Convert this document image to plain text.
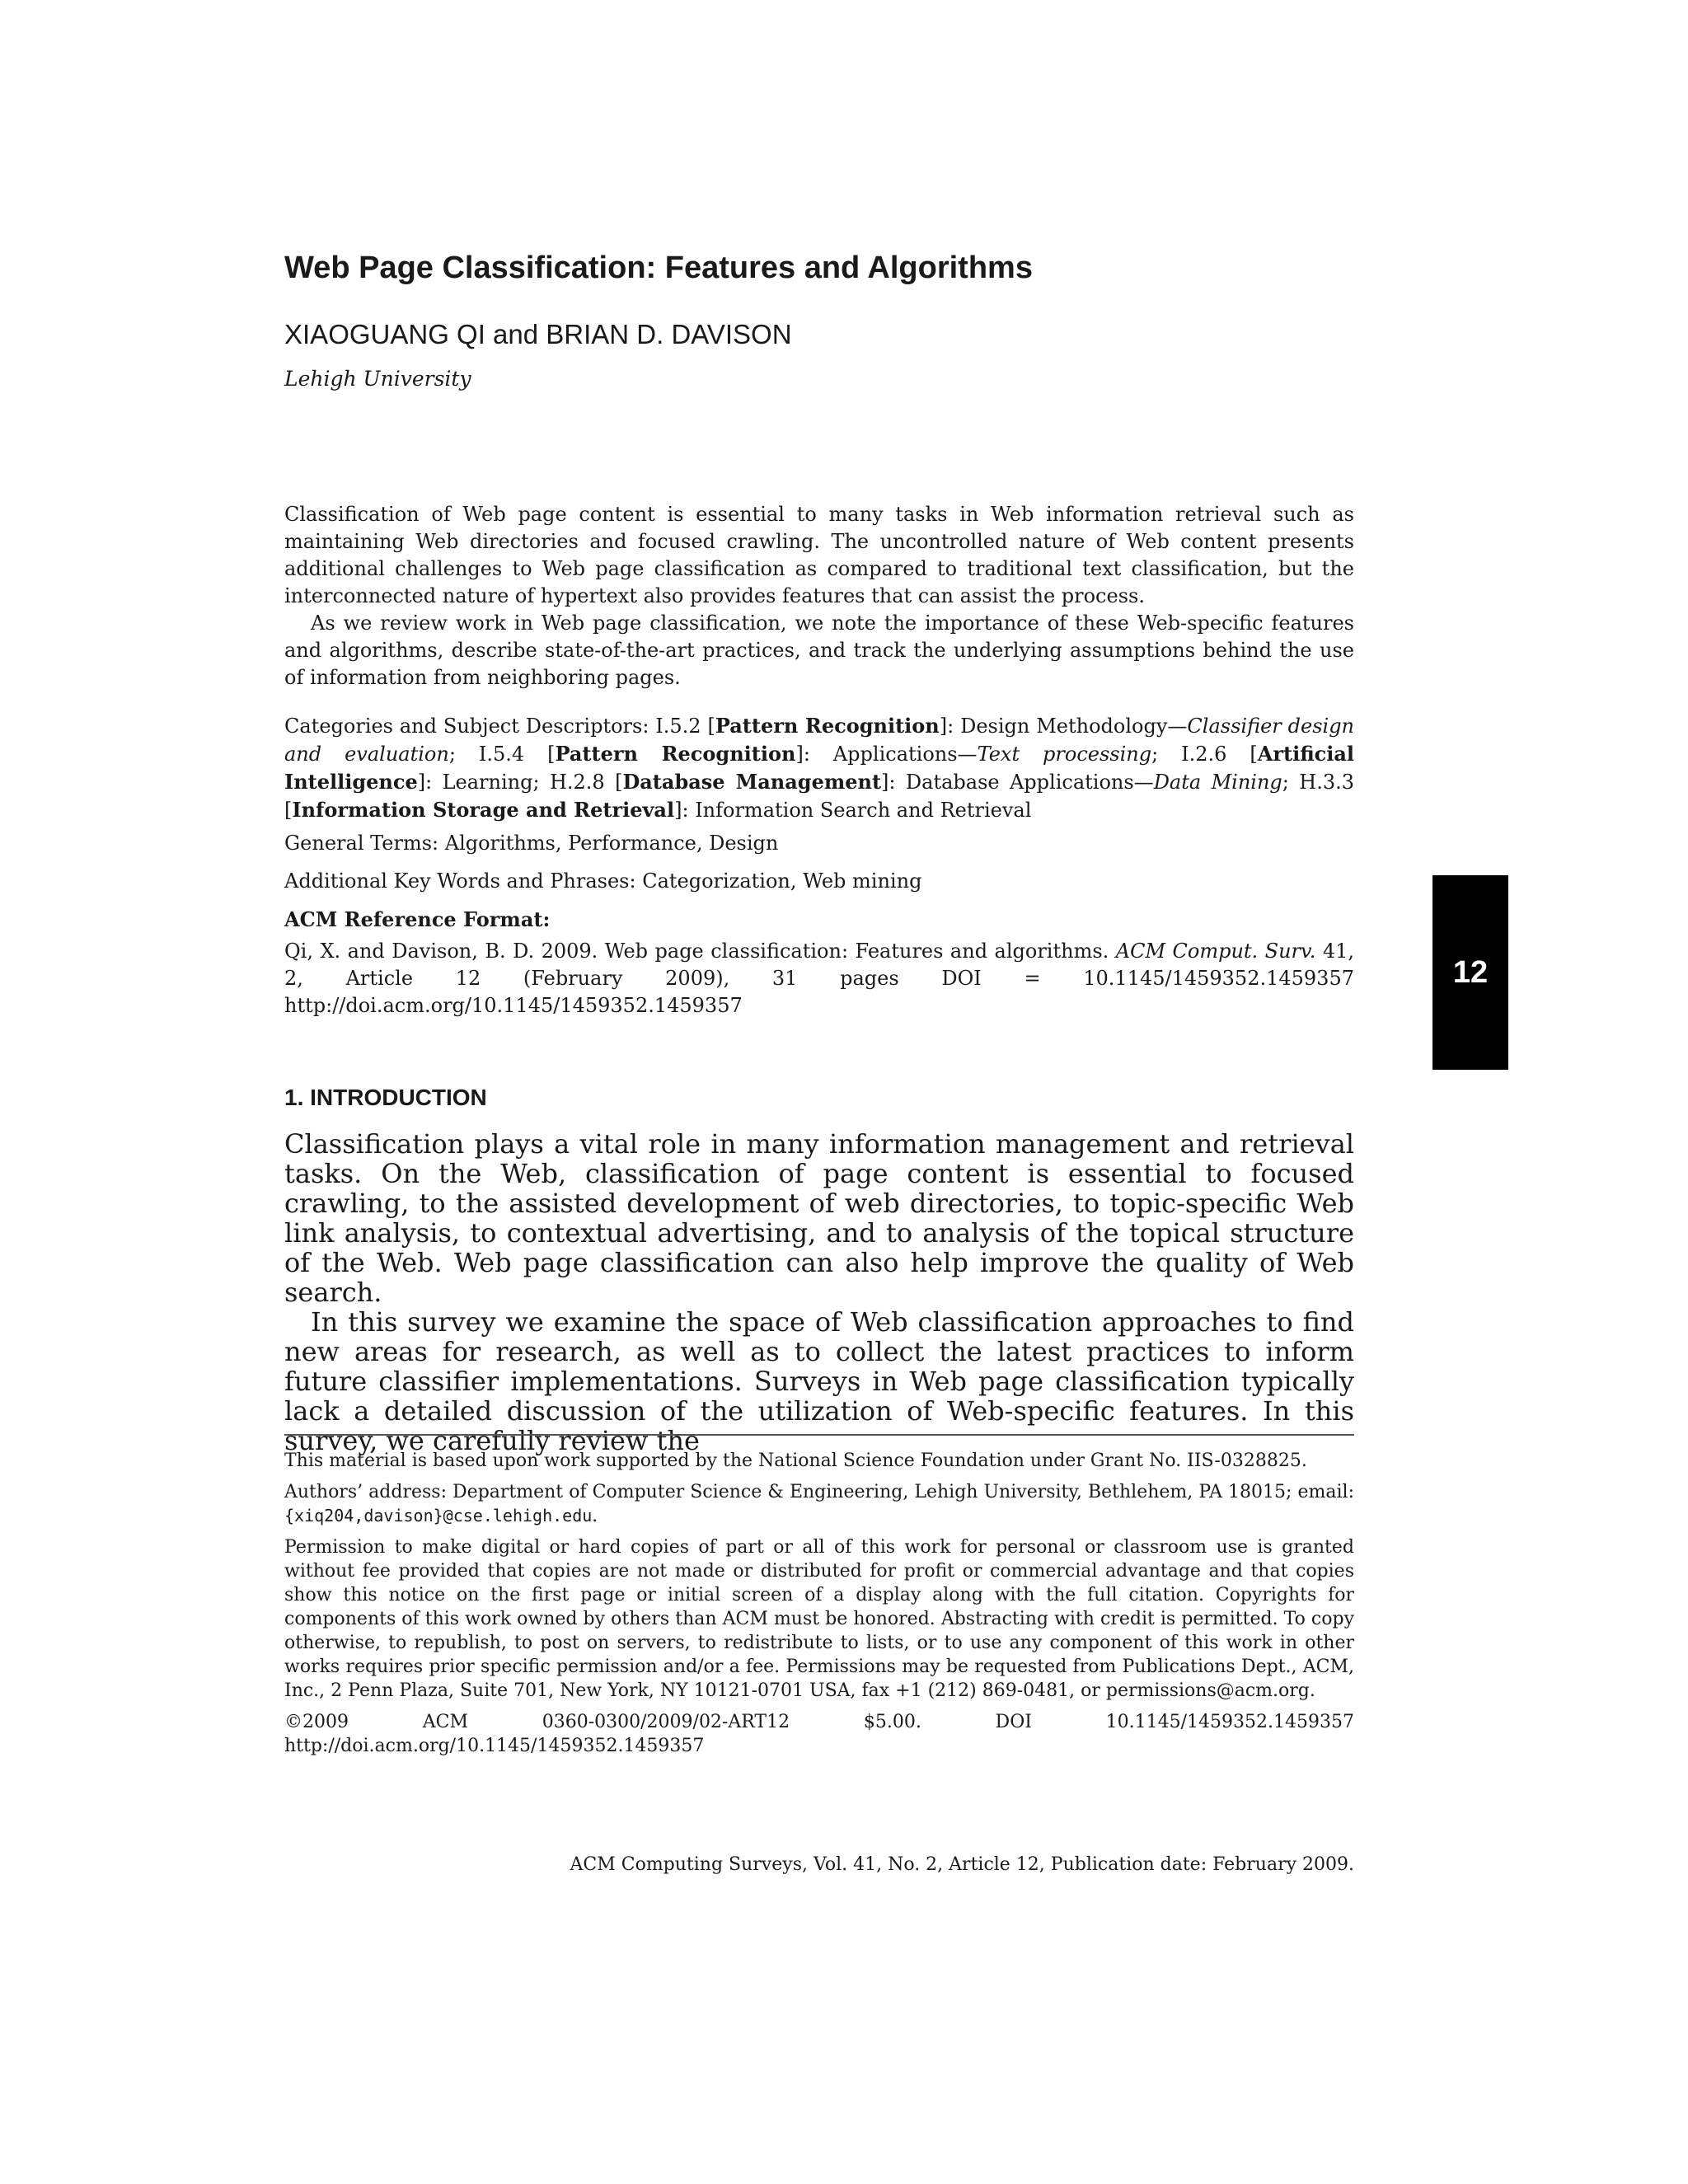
Web Page Classification: Features and Algorithms
XIAOGUANG QI and BRIAN D. DAVISON
Lehigh University

Classification of Web page content is essential to many tasks in Web information retrieval such as maintaining Web directories and focused crawling. The uncontrolled nature of Web content presents additional challenges to Web page classification as compared to traditional text classification, but the interconnected nature of hypertext also provides features that can assist the process.

As we review work in Web page classification, we note the importance of these Web-specific features and algorithms, describe state-of-the-art practices, and track the underlying assumptions behind the use of information from neighboring pages.

Categories and Subject Descriptors: I.5.2 [Pattern Recognition]: Design Methodology—Classifier design and evaluation; I.5.4 [Pattern Recognition]: Applications—Text processing; I.2.6 [Artificial Intelligence]: Learning; H.2.8 [Database Management]: Database Applications—Data Mining; H.3.3 [Information Storage and Retrieval]: Information Search and Retrieval
General Terms: Algorithms, Performance, Design
Additional Key Words and Phrases: Categorization, Web mining
ACM Reference Format:
Qi, X. and Davison, B. D. 2009. Web page classification: Features and algorithms. ACM Comput. Surv. 41, 2, Article 12 (February 2009), 31 pages DOI = 10.1145/1459352.1459357 http://doi.acm.org/10.1145/1459352.1459357
1. INTRODUCTION

Classification plays a vital role in many information management and retrieval tasks. On the Web, classification of page content is essential to focused crawling, to the assisted development of web directories, to topic-specific Web link analysis, to contextual advertising, and to analysis of the topical structure of the Web. Web page classification can also help improve the quality of Web search.

In this survey we examine the space of Web classification approaches to find new areas for research, as well as to collect the latest practices to inform future classifier implementations. Surveys in Web page classification typically lack a detailed discussion of the utilization of Web-specific features. In this survey, we carefully review the

This material is based upon work supported by the National Science Foundation under Grant No. IIS-0328825.

Authors’ address: Department of Computer Science & Engineering, Lehigh University, Bethlehem, PA 18015; email: {xiq204,davison}@cse.lehigh.edu.

Permission to make digital or hard copies of part or all of this work for personal or classroom use is granted without fee provided that copies are not made or distributed for profit or commercial advantage and that copies show this notice on the first page or initial screen of a display along with the full citation. Copyrights for components of this work owned by others than ACM must be honored. Abstracting with credit is permitted. To copy otherwise, to republish, to post on servers, to redistribute to lists, or to use any component of this work in other works requires prior specific permission and/or a fee. Permissions may be requested from Publications Dept., ACM, Inc., 2 Penn Plaza, Suite 701, New York, NY 10121-0701 USA, fax +1 (212) 869-0481, or permissions@acm.org.

©2009 ACM 0360-0300/2009/02-ART12 $5.00. DOI 10.1145/1459352.1459357 http://doi.acm.org/10.1145/1459352.1459357

ACM Computing Surveys, Vol. 41, No. 2, Article 12, Publication date: February 2009.
12
